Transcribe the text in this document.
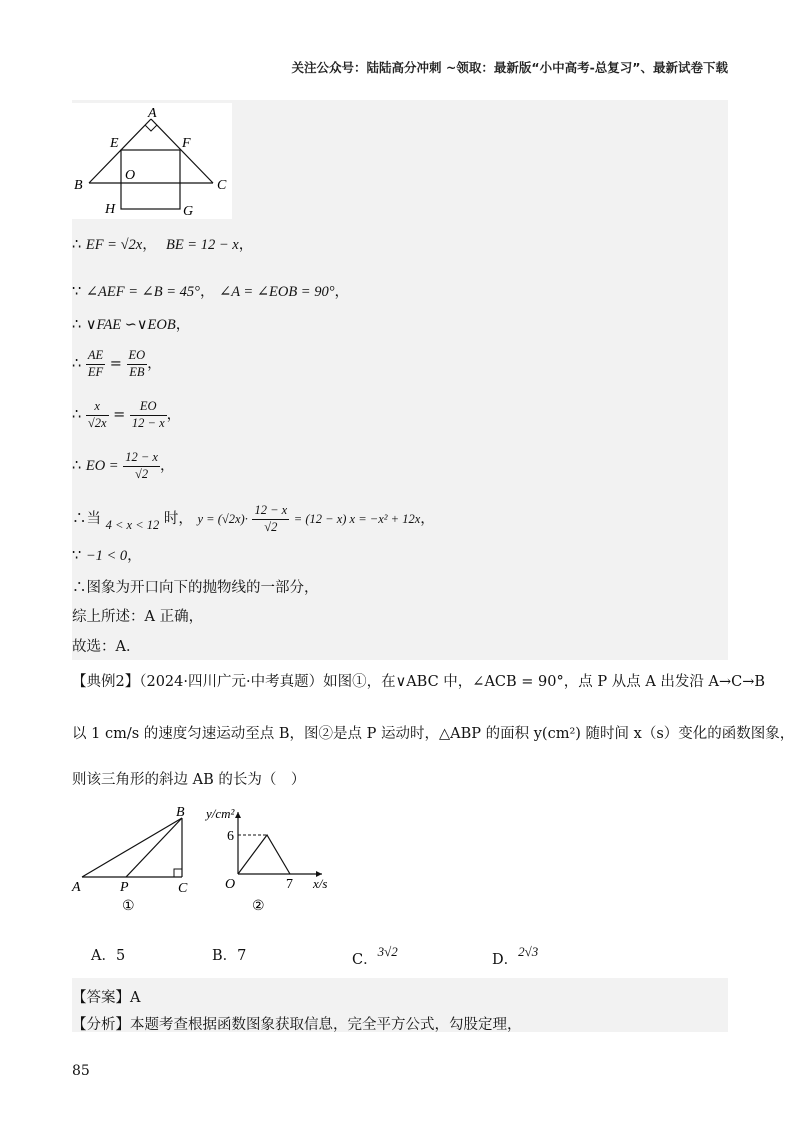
关注公众号：陆陆高分冲刺 ~领取：最新版“小中高考-总复习”、最新试卷下载
A
E	F
B
O
C
H	G
∴ EF = √2x， BE = 12 − x，
∵ ∠AEF = ∠B = 45°， ∠A = ∠EOB = 90°，
∴ ∨FAE ∽∨EOB，
∴ $\frac{AE}{EF} = \frac{EO}{EB}$ ，
∴ $\frac{x}{√2x} = \frac{EO}{12 - x}$ ，
∴ EO = $\frac{12 - x}{√2}$ ，
∴当 4 < x < 12 时， $y = (√2x)\cdot \frac{12 - x}{√2} = (12 - x) x = -x^2 + 12x$，
∵ −1 < 0，
∴图象为开口向下的抛物线的一部分，
综上所述：A 正确，
故选：A．
【典例2】（2024·四川广元·中考真题）如图①，在∨ABC 中，∠ACB = 90°，点 P 从点 A 出发沿 A→C→B
以 1 cm/s 的速度匀速运动至点 B，图②是点 P 运动时，△ABP 的面积 y(cm²) 随时间 x（s）变化的函数图象，
则该三角形的斜边 AB 的长为（　）
B
A	P	C
①
y/cm²
x/s
O
6
7
②
A．5	B．7	C．3√2
D．2√3
【答案】A
【分析】本题考查根据函数图象获取信息，完全平方公式，勾股定理，
85
